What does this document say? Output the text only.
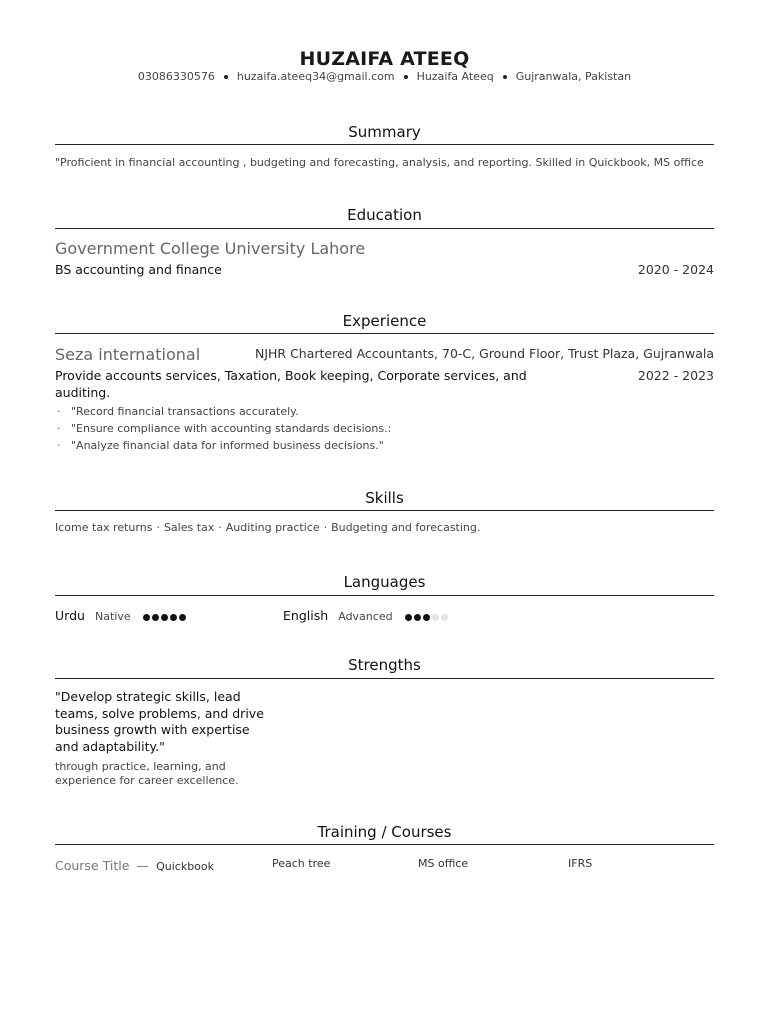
HUZAIFA ATEEQ
03086330576 huzaifa.ateeq34@gmail.com Huzaifa Ateeq Gujranwala, Pakistan
Summary
"Proficient in financial accounting , budgeting and forecasting, analysis, and reporting. Skilled in Quickbook, MS office
Education
Government College University Lahore
BS accounting and finance	2020 - 2024
Experience
Seza international	NJHR Chartered Accountants, 70-C, Ground Floor, Trust Plaza, Gujranwala
Provide accounts services, Taxation, Book keeping, Corporate services, and
auditing.
2022 - 2023
· "Record financial transactions accurately.
· "Ensure compliance with accounting standards decisions.:
· "Analyze financial data for informed business decisions."
Skills
Icome tax returns · Sales tax · Auditing practice · Budgeting and forecasting.
Languages
Urdu Native	English Advanced
Strengths
"Develop strategic skills, lead
teams, solve problems, and drive
business growth with expertise
and adaptability."
through practice, learning, and
experience for career excellence.
Training / Courses
Course Title — Quickbook	Peach tree	MS office	IFRS
